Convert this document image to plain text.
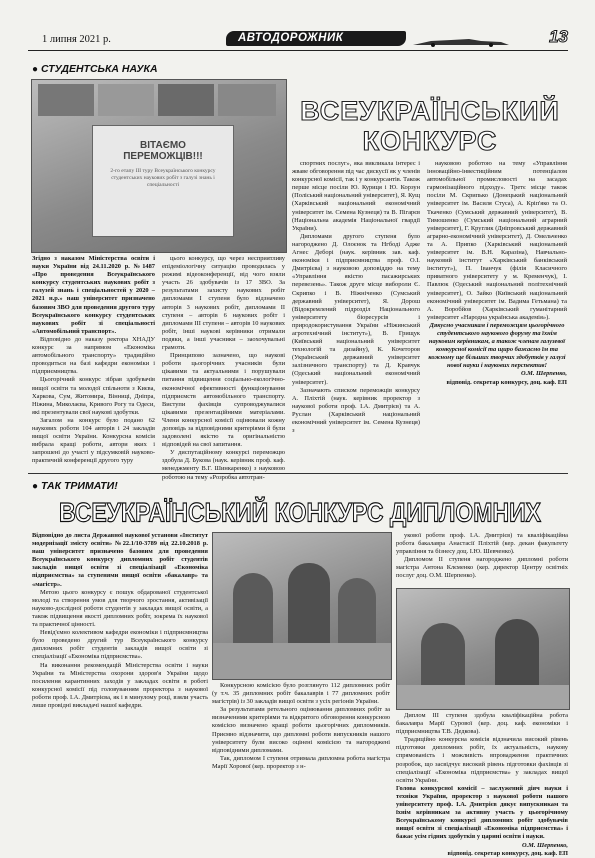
1 липня 2021 р.	АВТОДОРОЖНИК	13
● СТУДЕНТСЬКА НАУКА
ВІТАЄМО ПЕРЕМОЖЦІВ!!!
2-го етапу III туру Всеукраїнського конкурсу студентських наукових робіт з галузі знань і спеціальності
ВСЕУКРАЇНСЬКИЙ
КОНКУРС

Згідно з наказом Міністерства освіти і науки України від 24.11.2020 р. №1487 «Про проведення Всеукраїнського конкурсу студентських наукових робіт з галузей знань і спеціальностей у 2020 – 2021 н.р.» наш університет призначено базовим ЗВО для проведення другого туру Всеукраїнського конкурсу студентських наукових робіт зі спеціальності «Автомобільний транспорт».

Відповідно до наказу ректора ХНАДУ конкурс за напрямом «Економіка автомобільного транспорту» традиційно проводиться на базі кафедри економіки і підприємництва.

Цьогорічний конкурс зібрав здобувачів вищої освіти та молодої спільноти з Києва, Харкова, Сум, Житомира, Вінниці, Дніпра, Ніжина, Миколаєва, Кривого Рогу та Одеси, які презентували свої наукові здобутки.

Загалом на конкурс було подано 62 наукових роботи 104 авторів і 24 закладів вищої освіти України. Конкурсна комісія вибрала кращі роботи, автори яких і запрошені до участі у підсумковій науково-практичній конференції другого туру

цього конкурсу, що через несприятливу епідеміологічну ситуацію проводилась у режимі відеоконференції, від чого взяли участь 26 здобувачів із 17 ЗВО. За результатами захисту наукових робіт дипломами I ступеня було відзначено авторів 3 наукових робіт, дипломами II ступеня – авторів 6 наукових робіт і дипломами III ступеня – авторів 10 наукових робіт, інші наукові керівники отримали подяки, а інші учасники – заохочувальні грамоти.

Принципово зазначено, що наукові роботи цьогорічних учасників були цікавими та актуальними і порушували питання підвищення соціально-екологічно-економічної ефективності функціонування підприємств автомобільного транспорту. Виступи фахівців супроводжувалися цікавими презентаційними матеріалами. Члени конкурсної комісії оцінювали кожну доповідь за відповідними критеріями й були задоволені якістю та оригінальністю відповідей на свої запитання.

У диспутаційному конкурсі переможцю здобула Д. Букова (наук. керівник проф. каф. менеджменту В.Г. Шинкаренко) з науковою роботою на тему «Розробка автотран-

спортних послуг», яка викликала інтерес і жваве обговорення під час дискусії як у членів конкурсної комісії, так і у конкурсантів. Також перше місце посіли Ю. Куриця і Ю. Корзун (Поліський національний університет), Я. Кущ (Харківський національний економічний університет ім. Семена Кузнеця) та В. Пігарєв (Національна академія Національної гвардії України).

Дипломами другого ступеня було нагороджено Д. Олоєнок та Нгбоді Адже Агнес Деборі (наук. керівник зав. каф. економіки і підприємництва проф. О.І. Дмитрієва) з науковою доповіддю на тему «Управління якістю пасажирських перевезень». Також друге місце вибороли Є. Скрипко і В. Ніжніченко (Сумський державний університет), Я. Дорош (Відокремлений підрозділ Національного університету біоресурсів і природокористування України «Ніжинський агротехнічний інститут»), В. Грищук (Київський національний університет технологій та дизайну), К. Кочеторов (Український державний університет залізничного транспорту) та Д. Кравчук (Одеський національний економічний університет).

Зазначають списком переможців конкурсу А. Пліхтій (наук. керівник проректор з наукової роботи проф. І.А. Дмитрієв) та А. Руслан (Харківський національний економічний університет ім. Семена Кузнеця) з

науковою роботою на тему «Управління інноваційно-інвестиційним потенціалом автомобільної промисловості на засадах гармонізаційного підходу». Третє місце також посіли М. Скрипько (Донецький національний університет ім. Василя Стуса), А. Кріп'яко та О. Ткаченко (Сумський державний університет), В. Тимошенко (Сумський національний аграрний університет), Г. Круглик (Дніпровський державний аграрно-економічний університет), Д. Омельченко та А. Припко (Харківський національний університет ім. В.Н. Каразіна), Навчально-науковий інститут «Харківський банківський інститут»), П. Іванчук (філія Класичного приватного університету у м. Кременчук), І. Павлюк (Одеський національний політехнічний університет), О. Зайко (Київський національний економічний університет ім. Вадима Гетьмана) та А. Воробйов (Харківський гуманітарний університет «Народна українська академія»).

Дякуємо учасникам і переможцям цьогорічного студентського наукового форуму та їхнім науковим керівникам, а також членам галузевої конкурсної комісії та щиро бажаємо їм та кожному ще більших творчих здобутків у галузі нової науки і наукових перспектив!

О.М. Шерпенко,

відповід. секретар конкурсу, доц. каф. ЕП

● ТАК ТРИМАТИ!
ВСЕУКРАЇНСЬКИЙ КОНКУРС ДИПЛОМНИХ

Відповідно до листа Державної наукової установи «Інститут модернізації змісту освіти» №22.1/10-3789 від 22.10.2018 р. наш університет призначено базовим для проведення Всеукраїнського конкурсу дипломних робіт студентів закладів вищої освіти зі спеціалізації «Економіка підприємства» за ступенями вищої освіти «бакалавр» та «магістр».

Метою цього конкурсу є пошук обдарованої студентської молоді та створення умов для творчого зростання, активізації науково-дослідної роботи студентів у закладах вищої освіти, а також підвищення якості дипломних робіт, зокрема їх наукової та практичної цінності.

Невід'ємно колективом кафедри економіки і підприємництва було проведено другий тур Всеукраїнського конкурсу дипломних робіт студентів закладів вищої освіти зі спеціалізації «Економіка підприємства».

На виконання рекомендацій Міністерства освіти і науки України та Міністерства охорони здоров'я України щодо посилення карантинних заходів у закладах освіти в роботі конкурсної комісії під головуванням проректора з наукової роботи проф. І.А. Дмитрієва, як і в минулому році, взяли участь лише провідні викладачі нашої кафедри.

Конкурсною комісією було розглянуто 112 дипломних робіт (у т.ч. 35 дипломних робіт бакалаврів і 77 дипломних робіт магістрів) із 30 закладів вищої освіти з усіх регіонів України.

За результатами ретельного оцінювання дипломних робіт за визначеними критеріями та відкритого обговорення конкурсною комісією визначено кращі роботи цьогорічних дипломників. Приємно відзначити, що дипломні роботи випускників нашого університету були високо оцінені комісією та нагороджені відповідними дипломами.

Так, дипломом I ступеня отримала дипломна робота магістра Марії Хорової (кер. проректор з н-

укової роботи проф. І.А. Дмитрієв) та кваліфікаційна робота бакалавра Анастасії Пліхтій (кер. декан факультету управління та бізнесу доц. І.Ю. Шевченко).

Дипломом II ступеня нагороджено дипломні роботи магістра Антона Клєменко (кер. директор Центру освітніх послуг доц. О.М. Шерпенко).

Диплом III ступеня здобула кваліфікаційна робота бакалавра Марії Сурової (кер. доц. каф. економіки і підприємництва Т.В. Дедкова).

Традиційно конкурсна комісія відзначила високий рівень підготовки дипломних робіт, їх актуальність, наукову спрямованість і можливість впровадження практичних розробок, що засвідчує високий рівень підготовки фахівців зі спеціалізації «Економіка підприємства» у закладах вищої освіти України.

Голова конкурсної комісії – заслужений діяч науки і техніки України, проректор з наукової роботи нашого університету проф. І.А. Дмитрієв дякує випускникам та їхнім керівникам за активну участь у цьогорічному Всеукраїнському конкурсі дипломних робіт здобувачів вищої освіти зі спеціалізації «Економіка підприємства» і бажає усім гідних здобутків у царині освіти і науки.

О.М. Шерпенко,

відповід. секретар конкурсу, доц. каф. ЕП
